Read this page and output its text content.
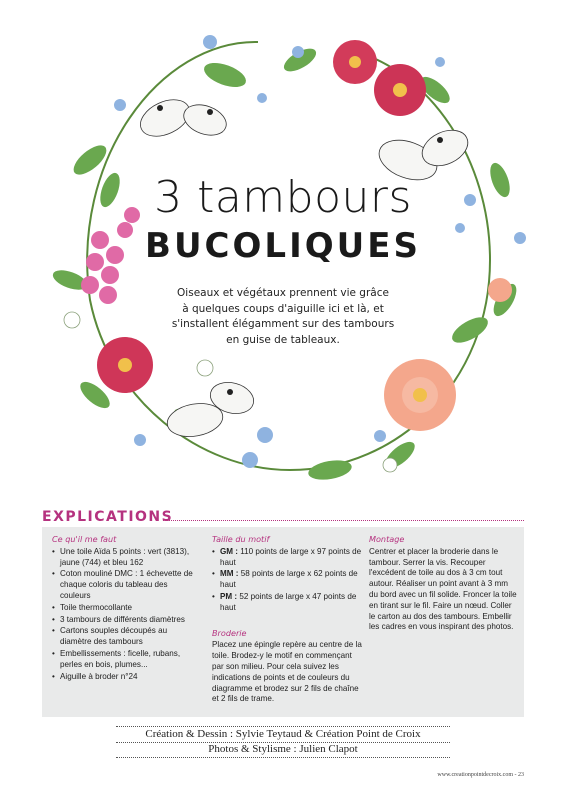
3 tambours
BUCOLIQUES
Oiseaux et végétaux prennent vie grâce
à quelques coups d'aiguille ici et là, et
s'installent élégamment sur des tambours
en guise de tableaux.
EXPLICATIONS
Ce qu'il me faut
• Une toile Aïda 5 points : vert (3813), jaune (744) et bleu 162
• Coton mouliné DMC : 1 échevette de chaque coloris du tableau des couleurs
• Toile thermocollante
• 3 tambours de différents diamètres
• Cartons souples découpés au diamètre des tambours
• Embellissements : ficelle, rubans, perles en bois, plumes...
• Aiguille à broder n°24
Taille du motif
• GM : 110 points de large x 97 points de haut
• MM : 58 points de large x 62 points de haut
• PM : 52 points de large x 47 points de haut
Broderie

Placez une épingle repère au centre de la toile. Brodez-y le motif en commençant par son milieu. Pour cela suivez les indications de points et de couleurs du diagramme et brodez sur 2 fils de chaîne et 2 fils de trame.

Montage

Centrer et placer la broderie dans le tambour. Serrer la vis. Recouper l'excédent de toile au dos à 3 cm tout autour. Réaliser un point avant à 3 mm du bord avec un fil solide. Froncer la toile en tirant sur le fil. Faire un nœud. Coller le carton au dos des tambours. Embellir les cadres en vous inspirant des photos.

Création & Dessin : Sylvie Teytaud & Création Point de Croix
Photos & Stylisme : Julien Clapot
www.creationpointdecroix.com - 23
